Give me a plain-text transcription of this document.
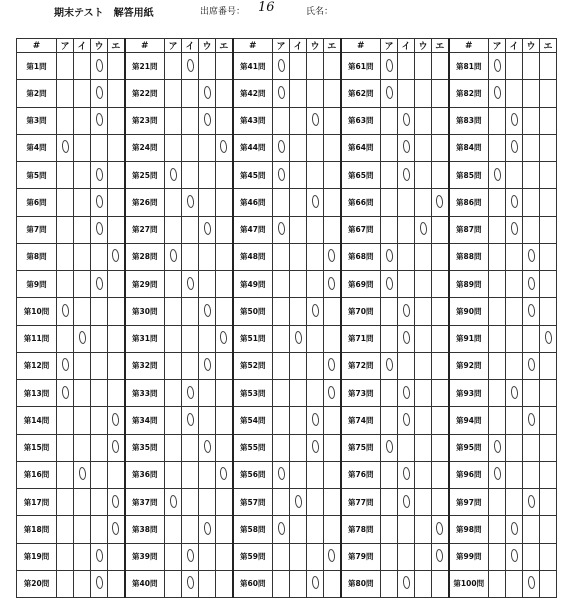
期末テスト　解答用紙	出席番号： 16	氏名：
#	ア	イ	ウ	エ	#	ア	イ	ウ	エ	#	ア	イ	ウ	エ	#	ア	イ	ウ	エ	#	ア	イ	ウ	エ
第1問					第21問					第41問					第61問					第81問				
第2問					第22問					第42問					第62問					第82問				
第3問					第23問					第43問					第63問					第83問				
第4問					第24問					第44問					第64問					第84問				
第5問					第25問					第45問					第65問					第85問				
第6問					第26問					第46問					第66問					第86問				
第7問					第27問					第47問					第67問					第87問				
第8問					第28問					第48問					第68問					第88問				
第9問					第29問					第49問					第69問					第89問				
第10問					第30問					第50問					第70問					第90問				
第11問					第31問					第51問					第71問					第91問				
第12問					第32問					第52問					第72問					第92問				
第13問					第33問					第53問					第73問					第93問				
第14問					第34問					第54問					第74問					第94問				
第15問					第35問					第55問					第75問					第95問				
第16問					第36問					第56問					第76問					第96問				
第17問					第37問					第57問					第77問					第97問				
第18問					第38問					第58問					第78問					第98問				
第19問					第39問					第59問					第79問					第99問				
第20問					第40問					第60問					第80問					第100問				
